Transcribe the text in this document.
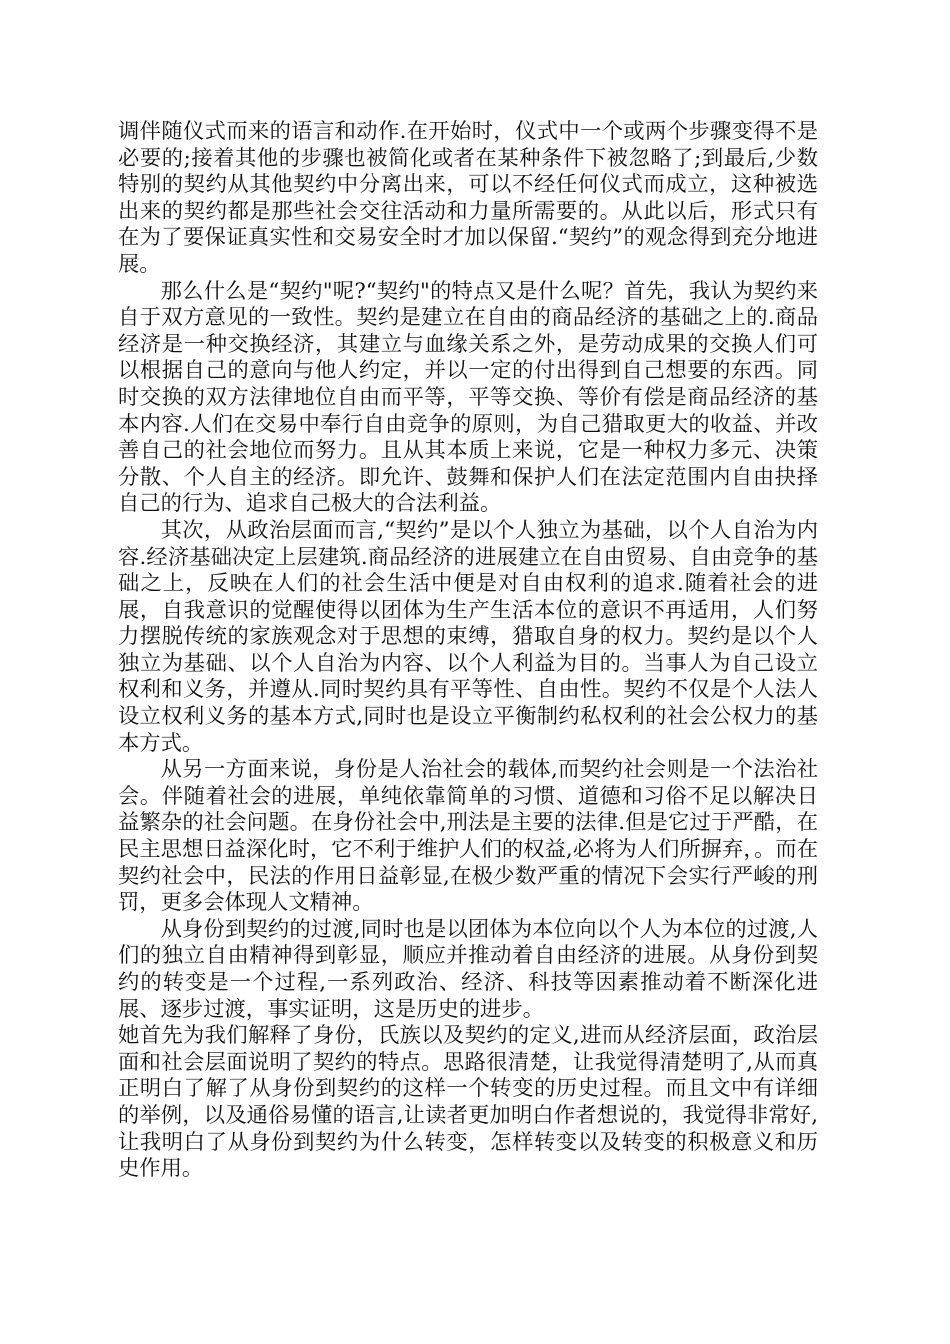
调伴随仪式而来的语言和动作.在开始时，仪式中一个或两个步骤变得不是必要的;接着其他的步骤也被简化或者在某种条件下被忽略了;到最后,少数特别的契约从其他契约中分离出来，可以不经任何仪式而成立，这种被选出来的契约都是那些社会交往活动和力量所需要的。从此以后，形式只有在为了要保证真实性和交易安全时才加以保留.“契约”的观念得到充分地进展。

那么什么是“契约"呢?“契约"的特点又是什么呢？首先，我认为契约来自于双方意见的一致性。契约是建立在自由的商品经济的基础之上的.商品经济是一种交换经济，其建立与血缘关系之外，是劳动成果的交换人们可以根据自己的意向与他人约定，并以一定的付出得到自己想要的东西。同时交换的双方法律地位自由而平等，平等交换、等价有偿是商品经济的基本内容.人们在交易中奉行自由竞争的原则，为自己猎取更大的收益、并改善自己的社会地位而努力。且从其本质上来说，它是一种权力多元、决策分散、个人自主的经济。即允许、鼓舞和保护人们在法定范围内自由抉择自己的行为、追求自己极大的合法利益。

其次，从政治层面而言,“契约”是以个人独立为基础，以个人自治为内容.经济基础决定上层建筑.商品经济的进展建立在自由贸易、自由竞争的基础之上，反映在人们的社会生活中便是对自由权利的追求.随着社会的进展，自我意识的觉醒使得以团体为生产生活本位的意识不再适用，人们努力摆脱传统的家族观念对于思想的束缚，猎取自身的权力。契约是以个人独立为基础、以个人自治为内容、以个人利益为目的。当事人为自己设立权利和义务，并遵从.同时契约具有平等性、自由性。契约不仅是个人法人设立权利义务的基本方式,同时也是设立平衡制约私权利的社会公权力的基本方式。

从另一方面来说，身份是人治社会的载体,而契约社会则是一个法治社会。伴随着社会的进展，单纯依靠简单的习惯、道德和习俗不足以解决日益繁杂的社会问题。在身份社会中,刑法是主要的法律.但是它过于严酷，在民主思想日益深化时，它不利于维护人们的权益,必将为人们所摒弃，。而在契约社会中，民法的作用日益彰显,在极少数严重的情况下会实行严峻的刑罚，更多会体现人文精神。

从身份到契约的过渡,同时也是以团体为本位向以个人为本位的过渡,人们的独立自由精神得到彰显，顺应并推动着自由经济的进展。从身份到契约的转变是一个过程,一系列政治、经济、科技等因素推动着不断深化进展、逐步过渡，事实证明，这是历史的进步。

她首先为我们解释了身份，氏族以及契约的定义,进而从经济层面，政治层面和社会层面说明了契约的特点。思路很清楚，让我觉得清楚明了,从而真正明白了解了从身份到契约的这样一个转变的历史过程。而且文中有详细的举例，以及通俗易懂的语言,让读者更加明白作者想说的，我觉得非常好,让我明白了从身份到契约为什么转变，怎样转变以及转变的积极意义和历史作用。
